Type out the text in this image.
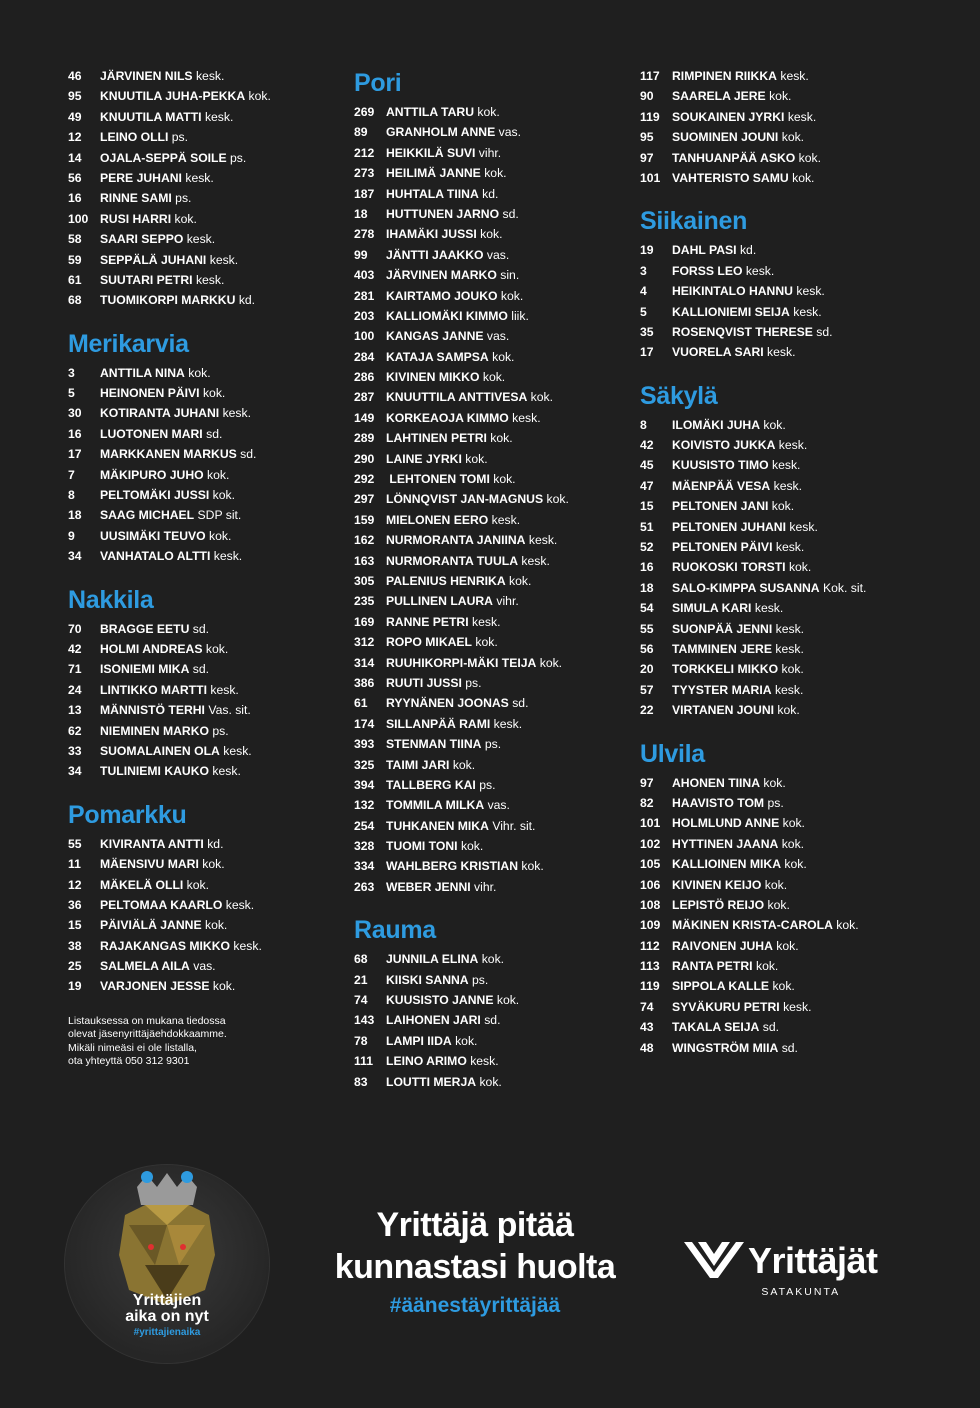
46 JÄRVINEN NILS kesk.
95 KNUUTILA JUHA-PEKKA kok.
49 KNUUTILA MATTI kesk.
12 LEINO OLLI ps.
14 OJALA-SEPPÄ SOILE ps.
56 PERE JUHANI kesk.
16 RINNE SAMI ps.
100 RUSI HARRI kok.
58 SAARI SEPPO kesk.
59 SEPPÄLÄ JUHANI kesk.
61 SUUTARI PETRI kesk.
68 TUOMIKORPI MARKKU kd.
Merikarvia
3 ANTTILA NINA kok.
5 HEINONEN PÄIVI kok.
30 KOTIRANTA JUHANI kesk.
16 LUOTONEN MARI sd.
17 MARKKANEN MARKUS sd.
7 MÄKIPURO JUHO kok.
8 PELTOMÄKI JUSSI kok.
18 SAAG MICHAEL SDP sit.
9 UUSIMÄKI TEUVO kok.
34 VANHATALO ALTTI kesk.
Nakkila
70 BRAGGE EETU sd.
42 HOLMI ANDREAS kok.
71 ISONIEMI MIKA sd.
24 LINTIKKO MARTTI kesk.
13 MÄNNISTÖ TERHI Vas. sit.
62 NIEMINEN MARKO ps.
33 SUOMALAINEN OLA kesk.
34 TULINIEMI KAUKO kesk.
Pomarkku
55 KIVIRANTA ANTTI kd.
11 MÄENSIVU MARI kok.
12 MÄKELÄ OLLI kok.
36 PELTOMAA KAARLO kesk.
15 PÄIVIÄLÄ JANNE kok.
38 RAJAKANGAS MIKKO kesk.
25 SALMELA AILA vas.
19 VARJONEN JESSE kok.
Listauksessa on mukana tiedossa
olevat jäsenyrittäjäehdokkaamme.
Mikäli nimeäsi ei ole listalla,
ota yhteyttä 050 312 9301
Pori
269 ANTTILA TARU kok.
89 GRANHOLM ANNE vas.
212 HEIKKILÄ SUVI vihr.
273 HEILIMÄ JANNE kok.
187 HUHTALA TIINA kd.
18 HUTTUNEN JARNO sd.
278 IHAMÄKI JUSSI kok.
99 JÄNTTI JAAKKO vas.
403 JÄRVINEN MARKO sin.
281 KAIRTAMO JOUKO kok.
203 KALLIOMÄKI KIMMO liik.
100 KANGAS JANNE vas.
284 KATAJA SAMPSA kok.
286 KIVINEN MIKKO kok.
287 KNUUTTILA ANTTIVESA kok.
149 KORKEAOJA KIMMO kesk.
289 LAHTINEN PETRI kok.
290 LAINE JYRKI kok.
292 LEHTONEN TOMI kok.
297 LÖNNQVIST JAN-MAGNUS kok.
159 MIELONEN EERO kesk.
162 NURMORANTA JANIINA kesk.
163 NURMORANTA TUULA kesk.
305 PALENIUS HENRIKA kok.
235 PULLINEN LAURA vihr.
169 RANNE PETRI kesk.
312 ROPO MIKAEL kok.
314 RUUHIKORPI-MÄKI TEIJA kok.
386 RUUTI JUSSI ps.
61 RYYNÄNEN JOONAS sd.
174 SILLANPÄÄ RAMI kesk.
393 STENMAN TIINA ps.
325 TAIMI JARI kok.
394 TALLBERG KAI ps.
132 TOMMILA MILKA vas.
254 TUHKANEN MIKA Vihr. sit.
328 TUOMI TONI kok.
334 WAHLBERG KRISTIAN kok.
263 WEBER JENNI vihr.
Rauma
68 JUNNILA ELINA kok.
21 KIISKI SANNA ps.
74 KUUSISTO JANNE kok.
143 LAIHONEN JARI sd.
78 LAMPI IIDA kok.
111 LEINO ARIMO kesk.
83 LOUTTI MERJA kok.
117 RIMPINEN RIIKKA kesk.
90 SAARELA JERE kok.
119 SOUKAINEN JYRKI kesk.
95 SUOMINEN JOUNI kok.
97 TANHUANPÄÄ ASKO kok.
101 VAHTERISTO SAMU kok.
Siikainen
19 DAHL PASI kd.
3 FORSS LEO kesk.
4 HEIKINTALO HANNU kesk.
5 KALLIONIEMI SEIJA kesk.
35 ROSENQVIST THERESE sd.
17 VUORELA SARI kesk.
Säkylä
8 ILOMÄKI JUHA kok.
42 KOIVISTO JUKKA kesk.
45 KUUSISTO TIMO kesk.
47 MÄENPÄÄ VESA kesk.
15 PELTONEN JANI kok.
51 PELTONEN JUHANI kesk.
52 PELTONEN PÄIVI kesk.
16 RUOKOSKI TORSTI kok.
18 SALO-KIMPPA SUSANNA Kok. sit.
54 SIMULA KARI kesk.
55 SUONPÄÄ JENNI kesk.
56 TAMMINEN JERE kesk.
20 TORKKELI MIKKO kok.
57 TYYSTER MARIA kesk.
22 VIRTANEN JOUNI kok.
Ulvila
97 AHONEN TIINA kok.
82 HAAVISTO TOM ps.
101 HOLMLUND ANNE kok.
102 HYTTINEN JAANA kok.
105 KALLIOINEN MIKA kok.
106 KIVINEN KEIJO kok.
108 LEPISTÖ REIJO kok.
109 MÄKINEN KRISTA-CAROLA kok.
112 RAIVONEN JUHA kok.
113 RANTA PETRI kok.
119 SIPPOLA KALLE kok.
74 SYVÄKURU PETRI kesk.
43 TAKALA SEIJA sd.
48 WINGSTRÖM MIIA sd.
Yrittäjien
aika on nyt
#yrittajienaika
Yrittäjä pitää
kunnastasi huolta
#äänestäyrittäjää
Yrittäjät
SATAKUNTA
